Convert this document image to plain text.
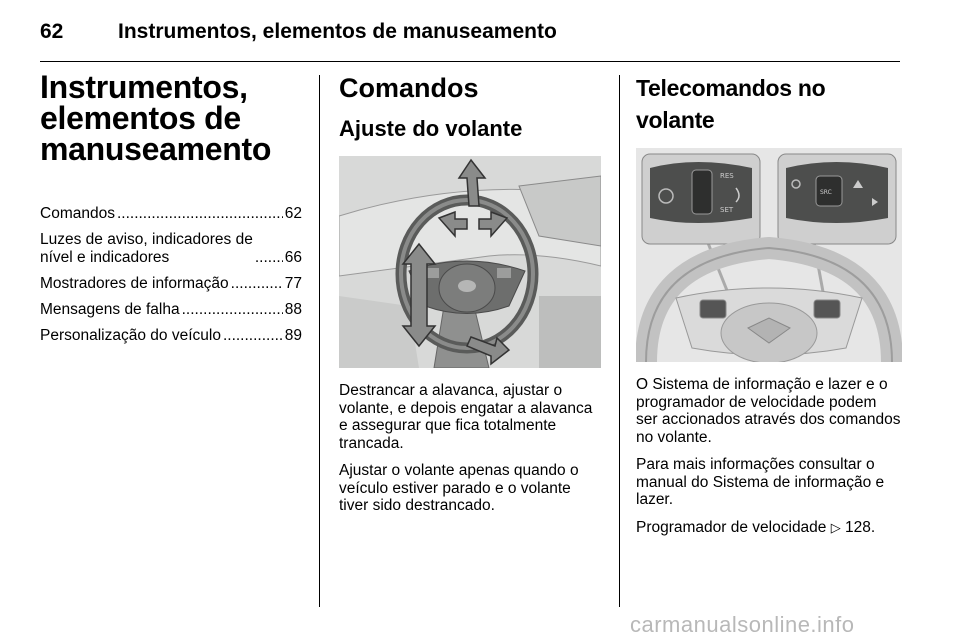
62	Instrumentos, elementos de manuseamento
Instrumentos, elementos de manuseamento
Comandos .....	62
Luzes de aviso, indicadores de
nível e indicadores .....	66
Mostradores de informação .....	77
Mensagens de falha .....	88
Personalização do veículo .....	89
Comandos
Ajuste do volante

Destrancar a alavanca, ajustar o volante, e depois engatar a alavanca e assegurar que fica totalmente trancada.

Ajustar o volante apenas quando o veículo estiver parado e o volante tiver sido destrancado.

Telecomandos no volante
RES
SET
SRC

O Sistema de informação e lazer e o programador de velocidade podem ser accionados através dos comandos no volante.

Para mais informações consultar o manual do Sistema de informação e lazer.

Programador de velocidade ▷ 128.

carmanualsonline.info
